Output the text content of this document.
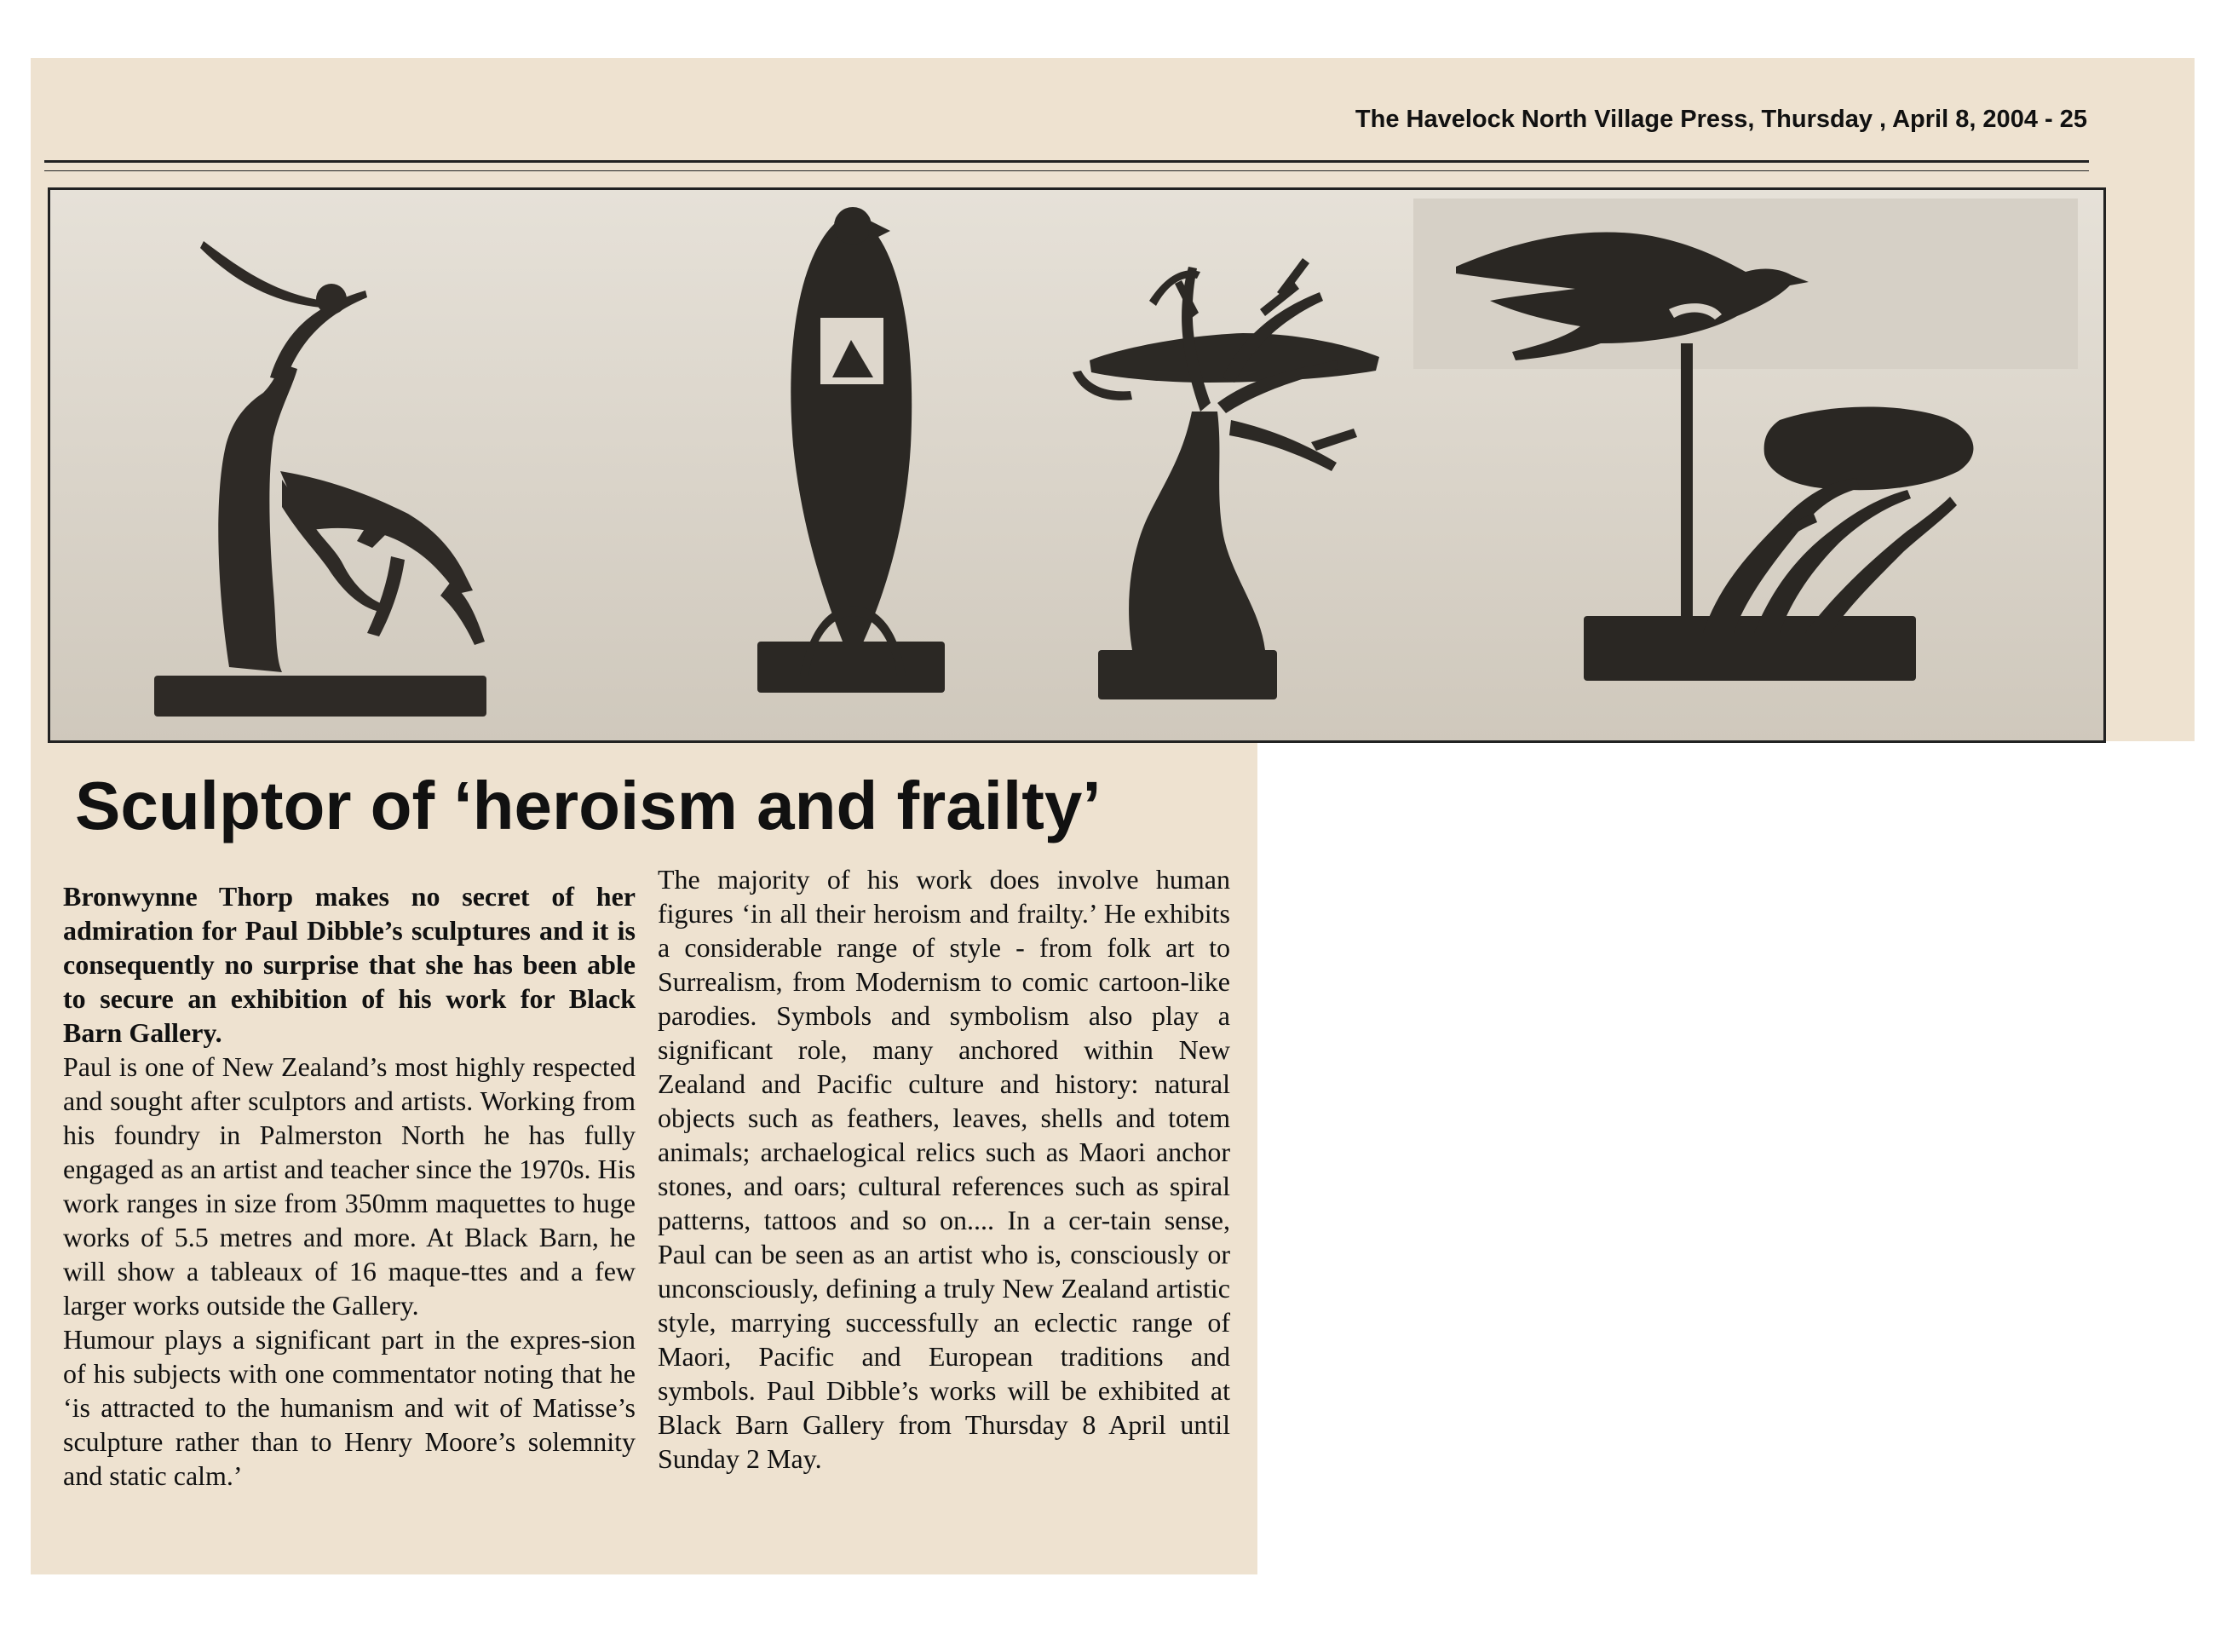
The Havelock North Village Press, Thursday , April 8, 2004 - 25
Sculptor of ‘heroism and frailty’

Bronwynne Thorp makes no secret of her admiration for Paul Dibble’s sculptures and it is consequently no surprise that she has been able to secure an exhibition of his work for Black Barn Gallery.

Paul is one of New Zealand’s most highly respected and sought after sculptors and artists. Working from his foundry in Palmerston North he has fully engaged as an artist and teacher since the 1970s. His work ranges in size from 350mm maquettes to huge works of 5.5 metres and more. At Black Barn, he will show a tableaux of 16 maque-ttes and a few larger works outside the Gallery.

Humour plays a significant part in the expres-sion of his subjects with one commentator noting that he ‘is attracted to the humanism and wit of Matisse’s sculpture rather than to Henry Moore’s solemnity and static calm.’

The majority of his work does involve human figures ‘in all their heroism and frailty.’ He exhibits a considerable range of style - from folk art to Surrealism, from Modernism to comic cartoon-like parodies. Symbols and symbolism also play a significant role, many anchored within New Zealand and Pacific culture and history: natural objects such as feathers, leaves, shells and totem animals; archaelogical relics such as Maori anchor stones, and oars; cultural references such as spiral patterns, tattoos and so on.... In a cer-tain sense, Paul can be seen as an artist who is, consciously or unconsciously, defining a truly New Zealand artistic style, marrying successfully an eclectic range of Maori, Pacific and European traditions and symbols. Paul Dibble’s works will be exhibited at Black Barn Gallery from Thursday 8 April until Sunday 2 May.
